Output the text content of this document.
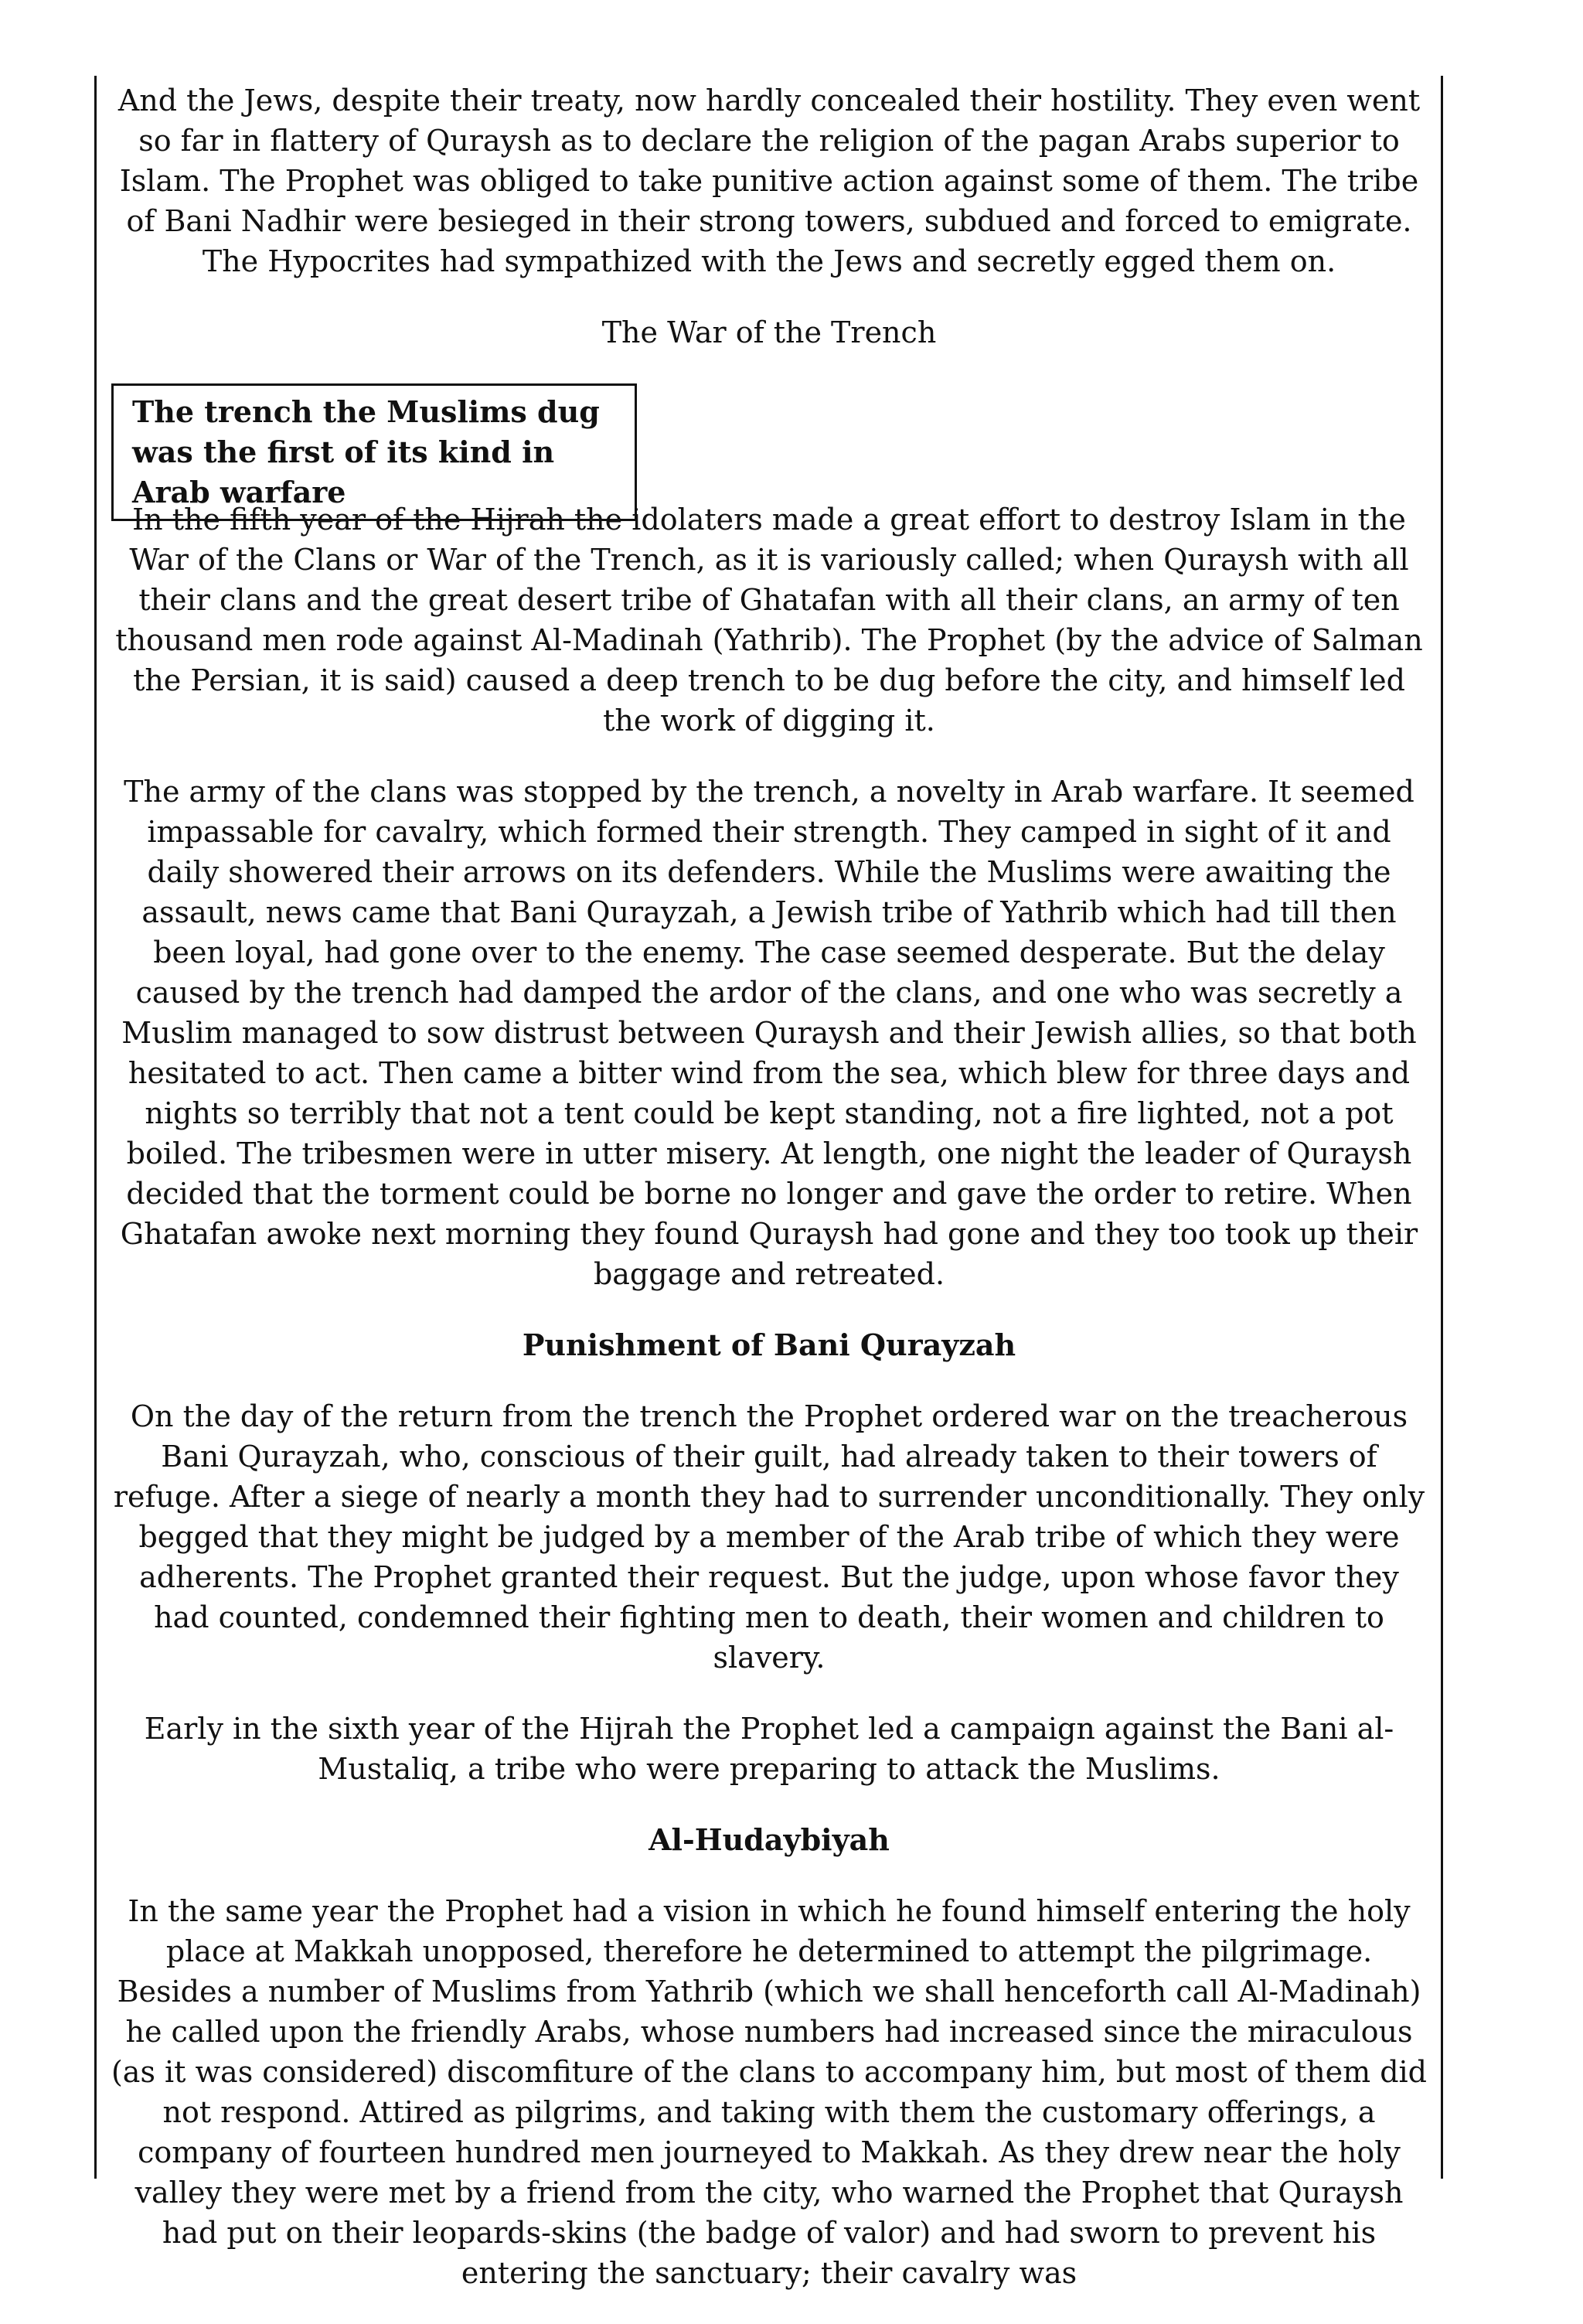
And the Jews, despite their treaty, now hardly concealed their hostility. They even went so far in flattery of Quraysh as to declare the religion of the pagan Arabs superior to Islam. The Prophet was obliged to take punitive action against some of them. The tribe of Bani Nadhir were besieged in their strong towers, subdued and forced to emigrate. The Hypocrites had sympathized with the Jews and secretly egged them on.

The War of the Trench

In the fifth year of the Hijrah the idolaters made a great effort to destroy Islam in the War of the Clans or War of the Trench, as it is variously called; when Quraysh with all their clans and the great desert tribe of Ghatafan with all their clans, an army of ten thousand men rode against Al-Madinah (Yathrib). The Prophet (by the advice of Salman the Persian, it is said) caused a deep trench to be dug before the city, and himself led the work of digging it.

The army of the clans was stopped by the trench, a novelty in Arab warfare. It seemed impassable for cavalry, which formed their strength. They camped in sight of it and daily showered their arrows on its defenders. While the Muslims were awaiting the assault, news came that Bani Qurayzah, a Jewish tribe of Yathrib which had till then been loyal, had gone over to the enemy. The case seemed desperate. But the delay caused by the trench had damped the ardor of the clans, and one who was secretly a Muslim managed to sow distrust between Quraysh and their Jewish allies, so that both hesitated to act. Then came a bitter wind from the sea, which blew for three days and nights so terribly that not a tent could be kept standing, not a fire lighted, not a pot boiled. The tribesmen were in utter misery. At length, one night the leader of Quraysh decided that the torment could be borne no longer and gave the order to retire. When Ghatafan awoke next morning they found Quraysh had gone and they too took up their baggage and retreated.

Punishment of Bani Qurayzah

On the day of the return from the trench the Prophet ordered war on the treacherous Bani Qurayzah, who, conscious of their guilt, had already taken to their towers of refuge. After a siege of nearly a month they had to surrender unconditionally. They only begged that they might be judged by a member of the Arab tribe of which they were adherents. The Prophet granted their request. But the judge, upon whose favor they had counted, condemned their fighting men to death, their women and children to slavery.

Early in the sixth year of the Hijrah the Prophet led a campaign against the Bani al-Mustaliq, a tribe who were preparing to attack the Muslims.

Al-Hudaybiyah

In the same year the Prophet had a vision in which he found himself entering the holy place at Makkah unopposed, therefore he determined to attempt the pilgrimage. Besides a number of Muslims from Yathrib (which we shall henceforth call Al-Madinah) he called upon the friendly Arabs, whose numbers had increased since the miraculous (as it was considered) discomfiture of the clans to accompany him, but most of them did not respond. Attired as pilgrims, and taking with them the customary offerings, a company of fourteen hundred men journeyed to Makkah. As they drew near the holy valley they were met by a friend from the city, who warned the Prophet that Quraysh had put on their leopards-skins (the badge of valor) and had sworn to prevent his entering the sanctuary; their cavalry was

The trench the Muslims dug was the first of its kind in Arab warfare
